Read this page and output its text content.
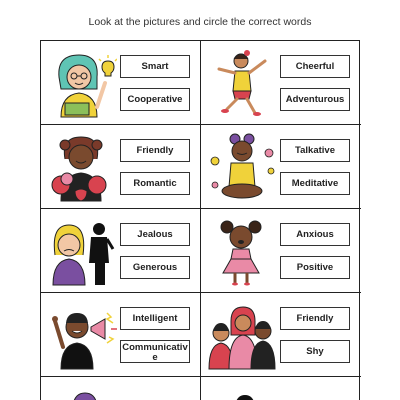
Look at the pictures and circle the correct words
Smart
Cooperative
Cheerful
Adventurous
Friendly
Romantic
Talkative
Meditative
Jealous
Generous
Anxious
Positive
Intelligent
Communicative
Friendly
Shy
